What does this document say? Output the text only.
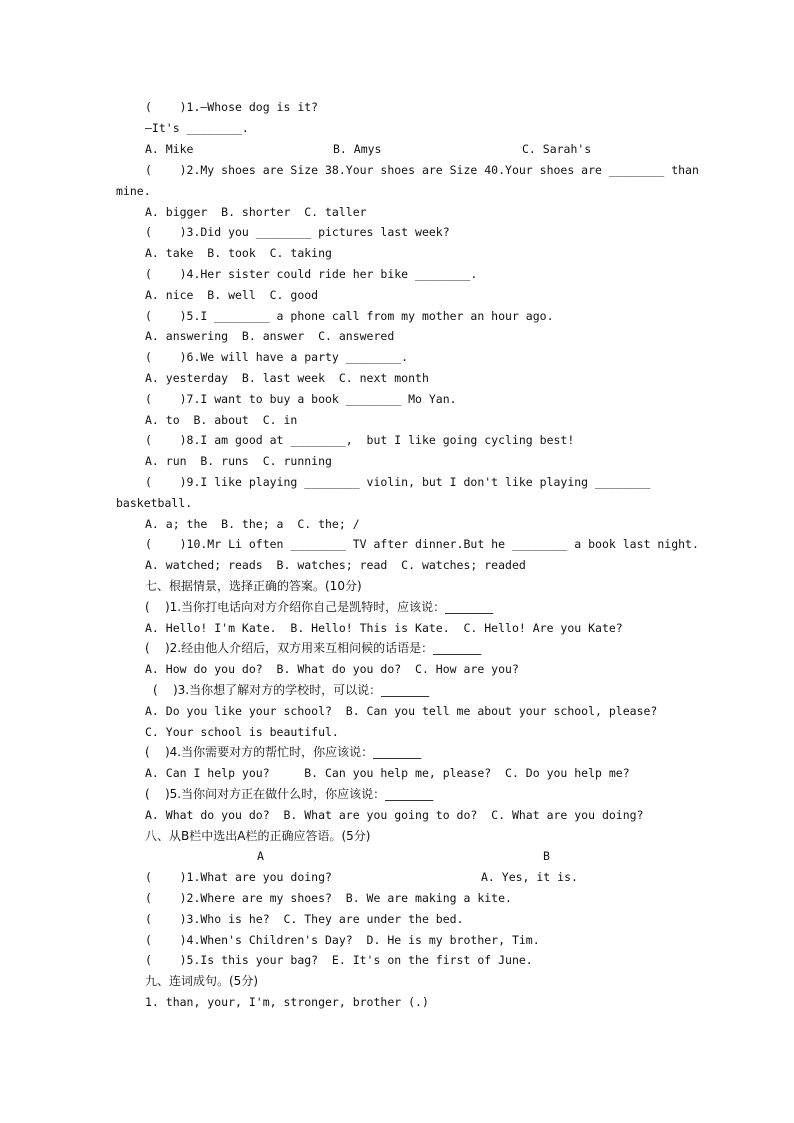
(    )1.—Whose dog is it?
—It's ________.
A. Mike	B. Amys	C. Sarah's
(    )2.My shoes are Size 38.Your shoes are Size 40.Your shoes are ________ than
mine.
A. bigger  B. shorter  C. taller
(    )3.Did you ________ pictures last week?
A. take  B. took  C. taking
(    )4.Her sister could ride her bike ________.
A. nice  B. well  C. good
(    )5.I ________ a phone call from my mother an hour ago.
A. answering  B. answer  C. answered
(    )6.We will have a party ________.
A. yesterday  B. last week  C. next month
(    )7.I want to buy a book ________ Mo Yan.
A. to  B. about  C. in
(    )8.I am good at ________,  but I like going cycling best!
A. run  B. runs  C. running
(    )9.I like playing ________ violin, but I don't like playing ________
basketball.
A. a; the  B. the; a  C. the; /
(    )10.Mr Li often ________ TV after dinner.But he ________ a book last night.
A. watched; reads  B. watches; read  C. watches; readed
七、根据情景，选择正确的答案。(10分)
(    )1.当你打电话向对方介绍你自己是凯特时，应该说：________
A. Hello! I'm Kate.  B. Hello! This is Kate.  C. Hello! Are you Kate?
(    )2.经由他人介绍后，双方用来互相问候的话语是：________
A. How do you do?  B. What do you do?  C. How are you?
(    )3.当你想了解对方的学校时，可以说：________
A. Do you like your school?  B. Can you tell me about your school, please?
C. Your school is beautiful.
(    )4.当你需要对方的帮忙时，你应该说：________
A. Can I help you?     B. Can you help me, please?  C. Do you help me?
(    )5.当你问对方正在做什么时，你应该说：________
A. What do you do?  B. What are you going to do?  C. What are you doing?
八、从B栏中选出A栏的正确应答语。(5分)
A	B
(    )1.What are you doing?	A. Yes, it is.
(    )2.Where are my shoes?  B. We are making a kite.
(    )3.Who is he?  C. They are under the bed.
(    )4.When's Children's Day?  D. He is my brother, Tim.
(    )5.Is this your bag?  E. It's on the first of June.
九、连词成句。(5分)
1. than, your, I'm, stronger, brother (.)
